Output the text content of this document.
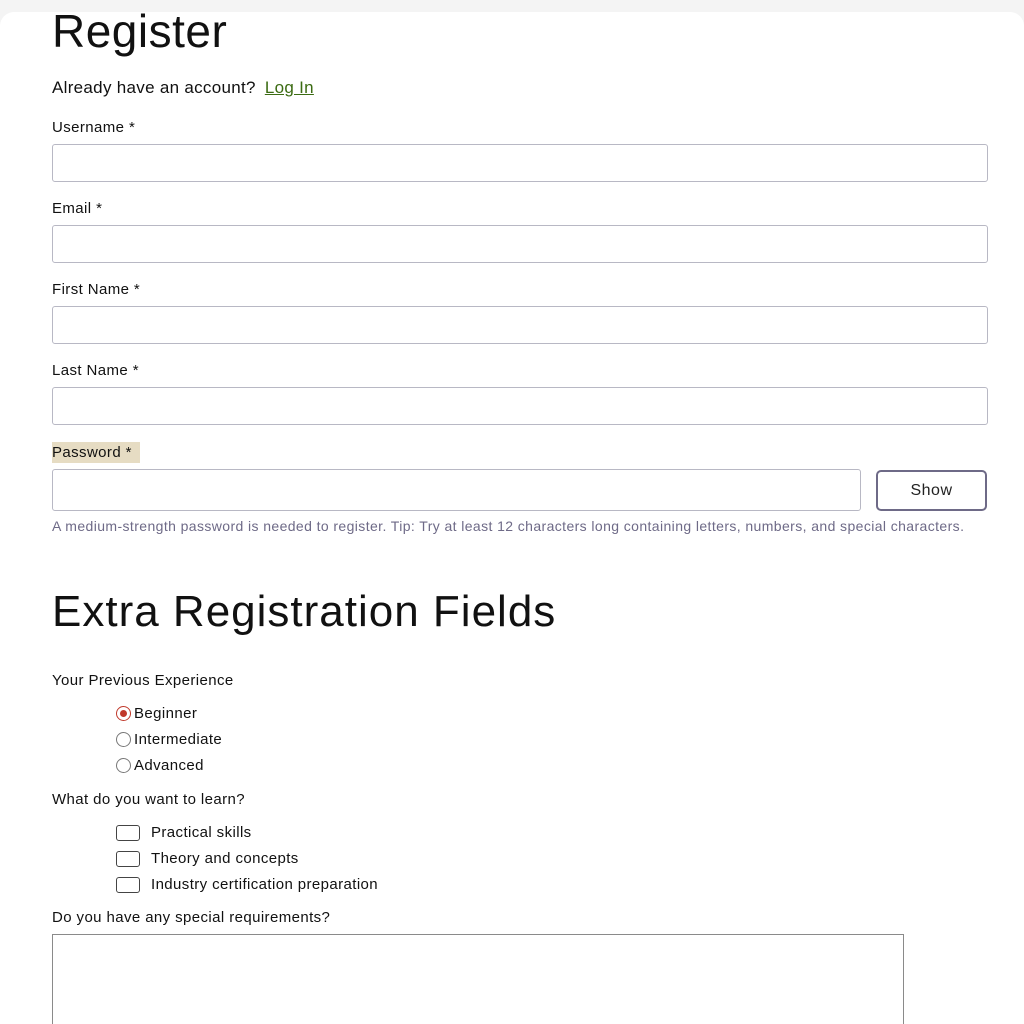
Register
Already have an account? Log In
Username *
Email *
First Name *
Last Name *
Password *
Show
A medium-strength password is needed to register. Tip: Try at least 12 characters long containing letters, numbers, and special characters.
Extra Registration Fields
Your Previous Experience
Beginner
Intermediate
Advanced
What do you want to learn?
Practical skills
Theory and concepts
Industry certification preparation
Do you have any special requirements?
